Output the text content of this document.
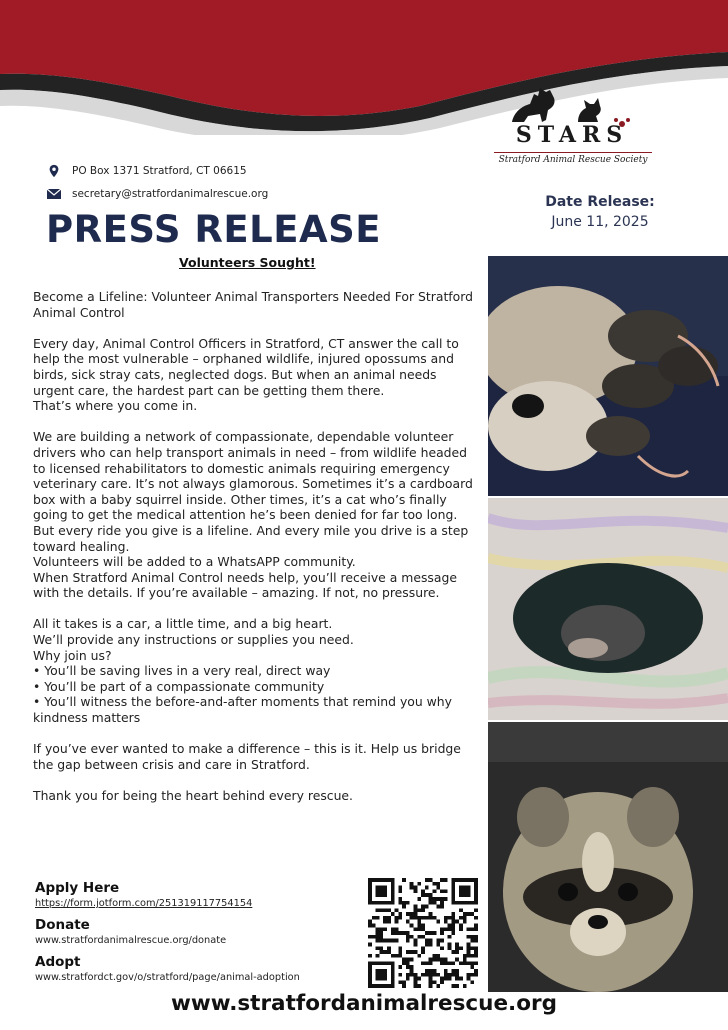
STARS
Stratford Animal Rescue Society
PO Box 1371 Stratford, CT 06615
secretary@stratfordanimalrescue.org
PRESS RELEASE
Volunteers Sought!
Date Release:
June 11, 2025

Become a Lifeline: Volunteer Animal Transporters Needed For Stratford Animal Control

Every day, Animal Control Officers in Stratford, CT answer the call to help the most vulnerable – orphaned wildlife, injured opossums and birds, sick stray cats, neglected dogs. But when an animal needs urgent care, the hardest part can be getting them there.
That’s where you come in.

We are building a network of compassionate, dependable volunteer drivers who can help transport animals in need – from wildlife headed to licensed rehabilitators to domestic animals requiring emergency veterinary care. It’s not always glamorous. Sometimes it’s a cardboard box with a baby squirrel inside. Other times, it’s a cat who’s finally going to get the medical attention he’s been denied for far too long. But every ride you give is a lifeline. And every mile you drive is a step toward healing.
Volunteers will be added to a WhatsAPP community.
When Stratford Animal Control needs help, you’ll receive a message with the details. If you’re available – amazing. If not, no pressure.

All it takes is a car, a little time, and a big heart.
We’ll provide any instructions or supplies you need.
Why join us?
• You’ll be saving lives in a very real, direct way
• You’ll be part of a compassionate community
• You’ll witness the before-and-after moments that remind you why kindness matters

If you’ve ever wanted to make a difference – this is it. Help us bridge the gap between crisis and care in Stratford.

Thank you for being the heart behind every rescue.

Apply Here
https://form.jotform.com/251319117754154
Donate
www.stratfordanimalrescue.org/donate
Adopt
www.stratfordct.gov/o/stratford/page/animal-adoption
www.stratfordanimalrescue.org
